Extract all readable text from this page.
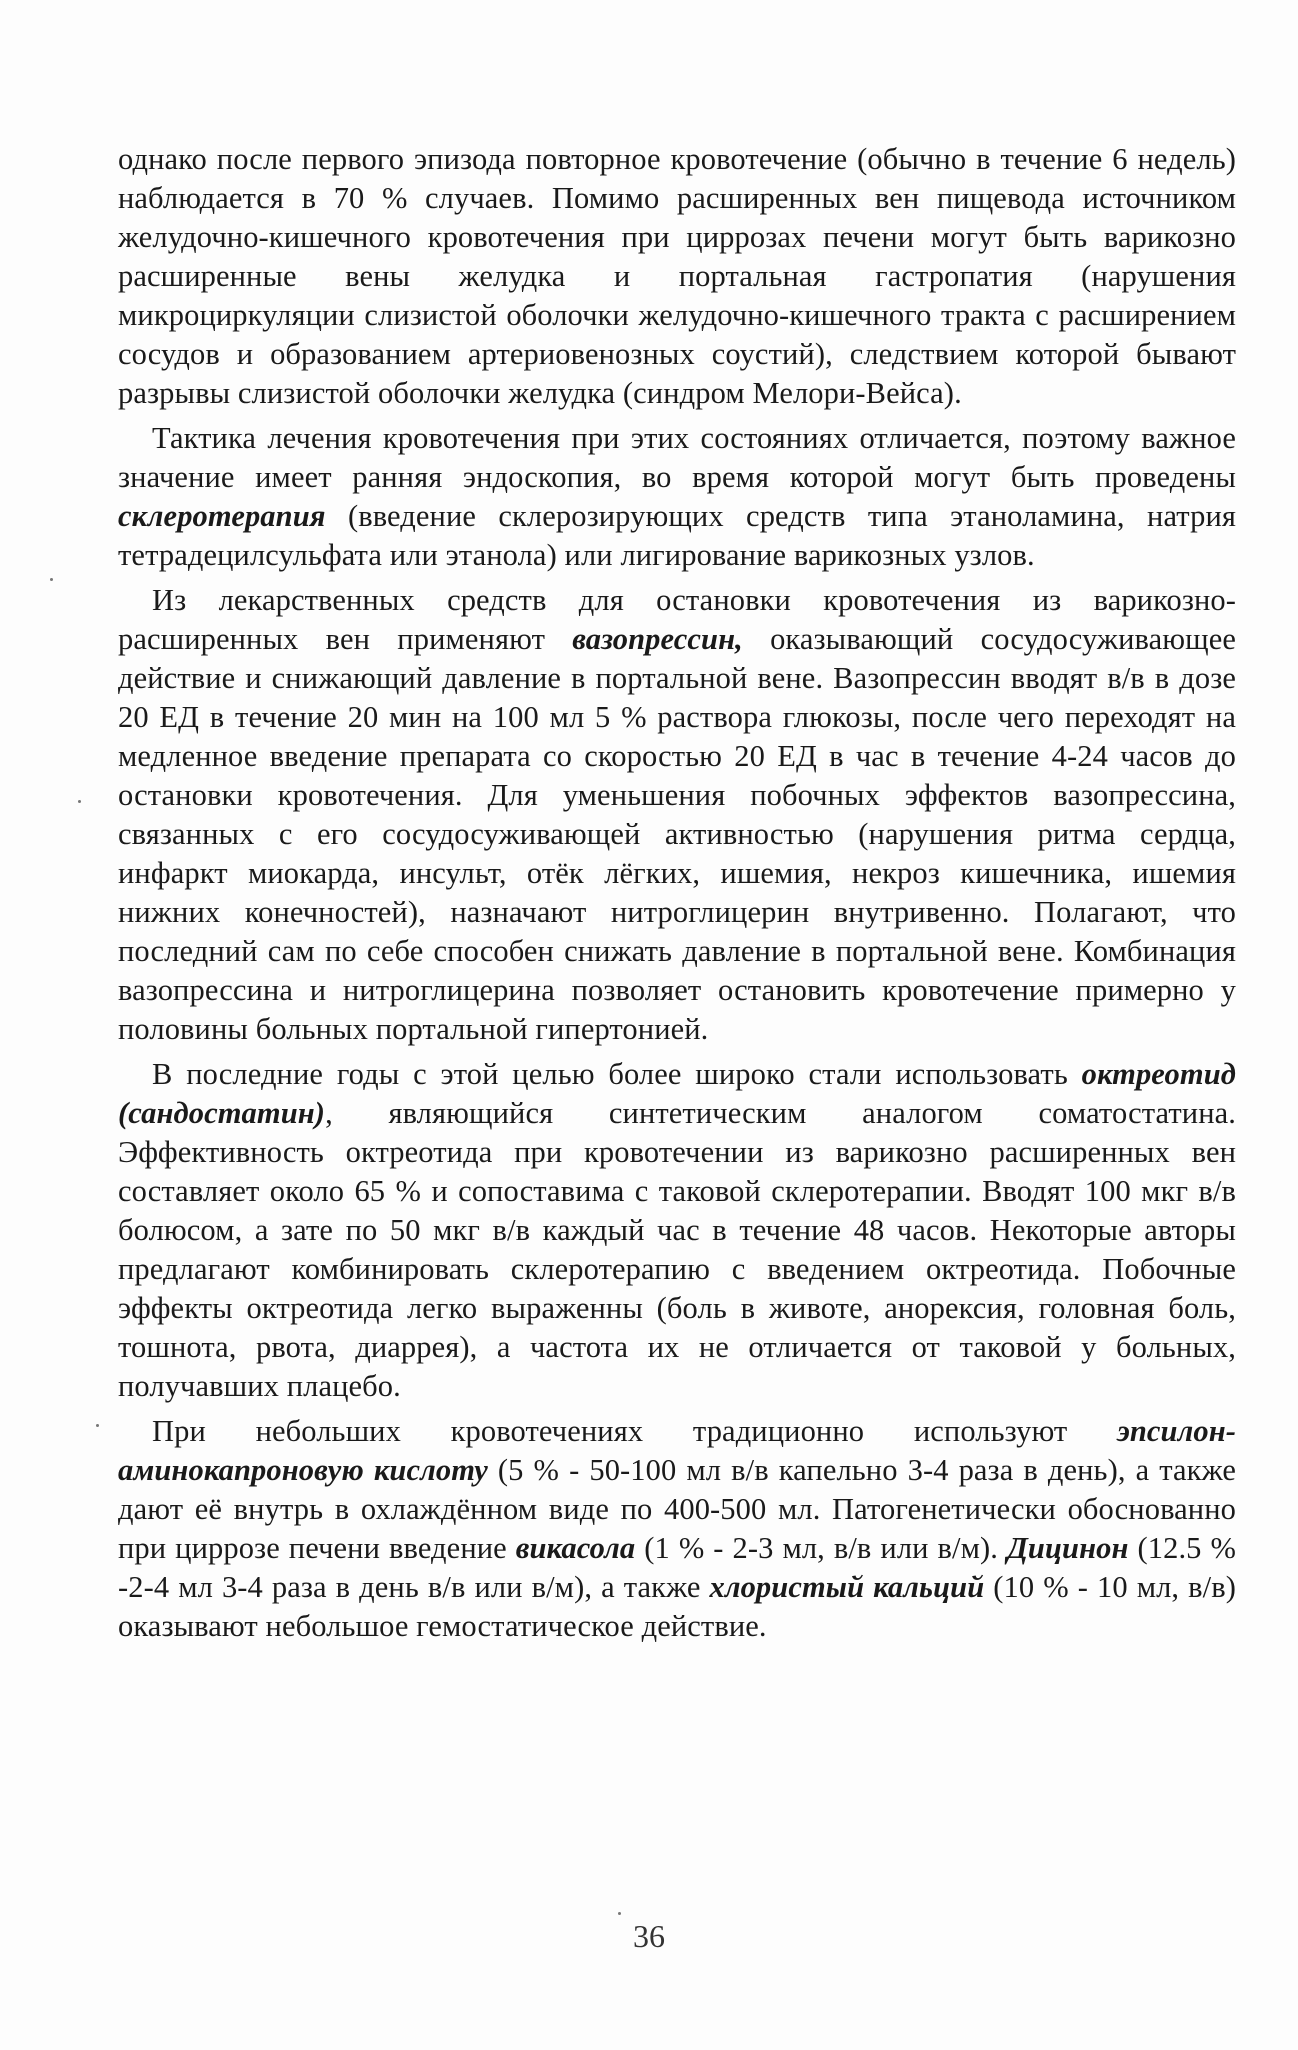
однако после первого эпизода повторное кровотечение (обычно в течение 6 недель) наблюдается в 70 % случаев. Помимо расширенных вен пищевода источником желудочно-кишечного кровотечения при циррозах печени могут быть варикозно расширенные вены желудка и портальная гастропатия (нарушения микроциркуляции слизистой оболочки желудочно-кишечного тракта с расширением сосудов и образованием артериовенозных соустий), следствием которой бывают разрывы слизистой оболочки желудка (синдром Мелори-Вейса).

Тактика лечения кровотечения при этих состояниях отличается, поэтому важное значение имеет ранняя эндоскопия, во время которой могут быть проведены склеротерапия (введение склерозирующих средств типа этаноламина, натрия тетрадецилсульфата или этанола) или лигирование варикозных узлов.

Из лекарственных средств для остановки кровотечения из варикозно-расширенных вен применяют вазопрессин, оказывающий сосудосуживающее действие и снижающий давление в портальной вене. Вазопрессин вводят в/в в дозе 20 ЕД в течение 20 мин на 100 мл 5 % раствора глюкозы, после чего переходят на медленное введение препарата со скоростью 20 ЕД в час в течение 4-24 часов до остановки кровотечения. Для уменьшения побочных эффектов вазопрессина, связанных с его сосудосуживающей активностью (нарушения ритма сердца, инфаркт миокарда, инсульт, отёк лёгких, ишемия, некроз кишечника, ишемия нижних конечностей), назначают нитроглицерин внутривенно. Полагают, что последний сам по себе способен снижать давление в портальной вене. Комбинация вазопрессина и нитроглицерина позволяет остановить кровотечение примерно у половины больных портальной гипертонией.

В последние годы с этой целью более широко стали использовать октреотид (сандостатин), являющийся синтетическим аналогом соматостатина. Эффективность октреотида при кровотечении из варикозно расширенных вен составляет около 65 % и сопоставима с таковой склеротерапии. Вводят 100 мкг в/в болюсом, а зате по 50 мкг в/в каждый час в течение 48 часов. Некоторые авторы предлагают комбинировать склеротерапию с введением октреотида. Побочные эффекты октреотида легко выраженны (боль в животе, анорексия, головная боль, тошнота, рвота, диаррея), а частота их не отличается от таковой у больных, получавших плацебо.

При небольших кровотечениях традиционно используют эпсилон-аминокапроновую кислоту (5 % - 50-100 мл в/в капельно 3-4 раза в день), а также дают её внутрь в охлаждённом виде по 400-500 мл. Патогенетически обоснованно при циррозе печени введение викасола (1 % - 2-3 мл, в/в или в/м). Дицинон (12.5 % -2-4 мл 3-4 раза в день в/в или в/м), а также хлористый кальций (10 % - 10 мл, в/в) оказывают небольшое гемостатическое действие.

36
